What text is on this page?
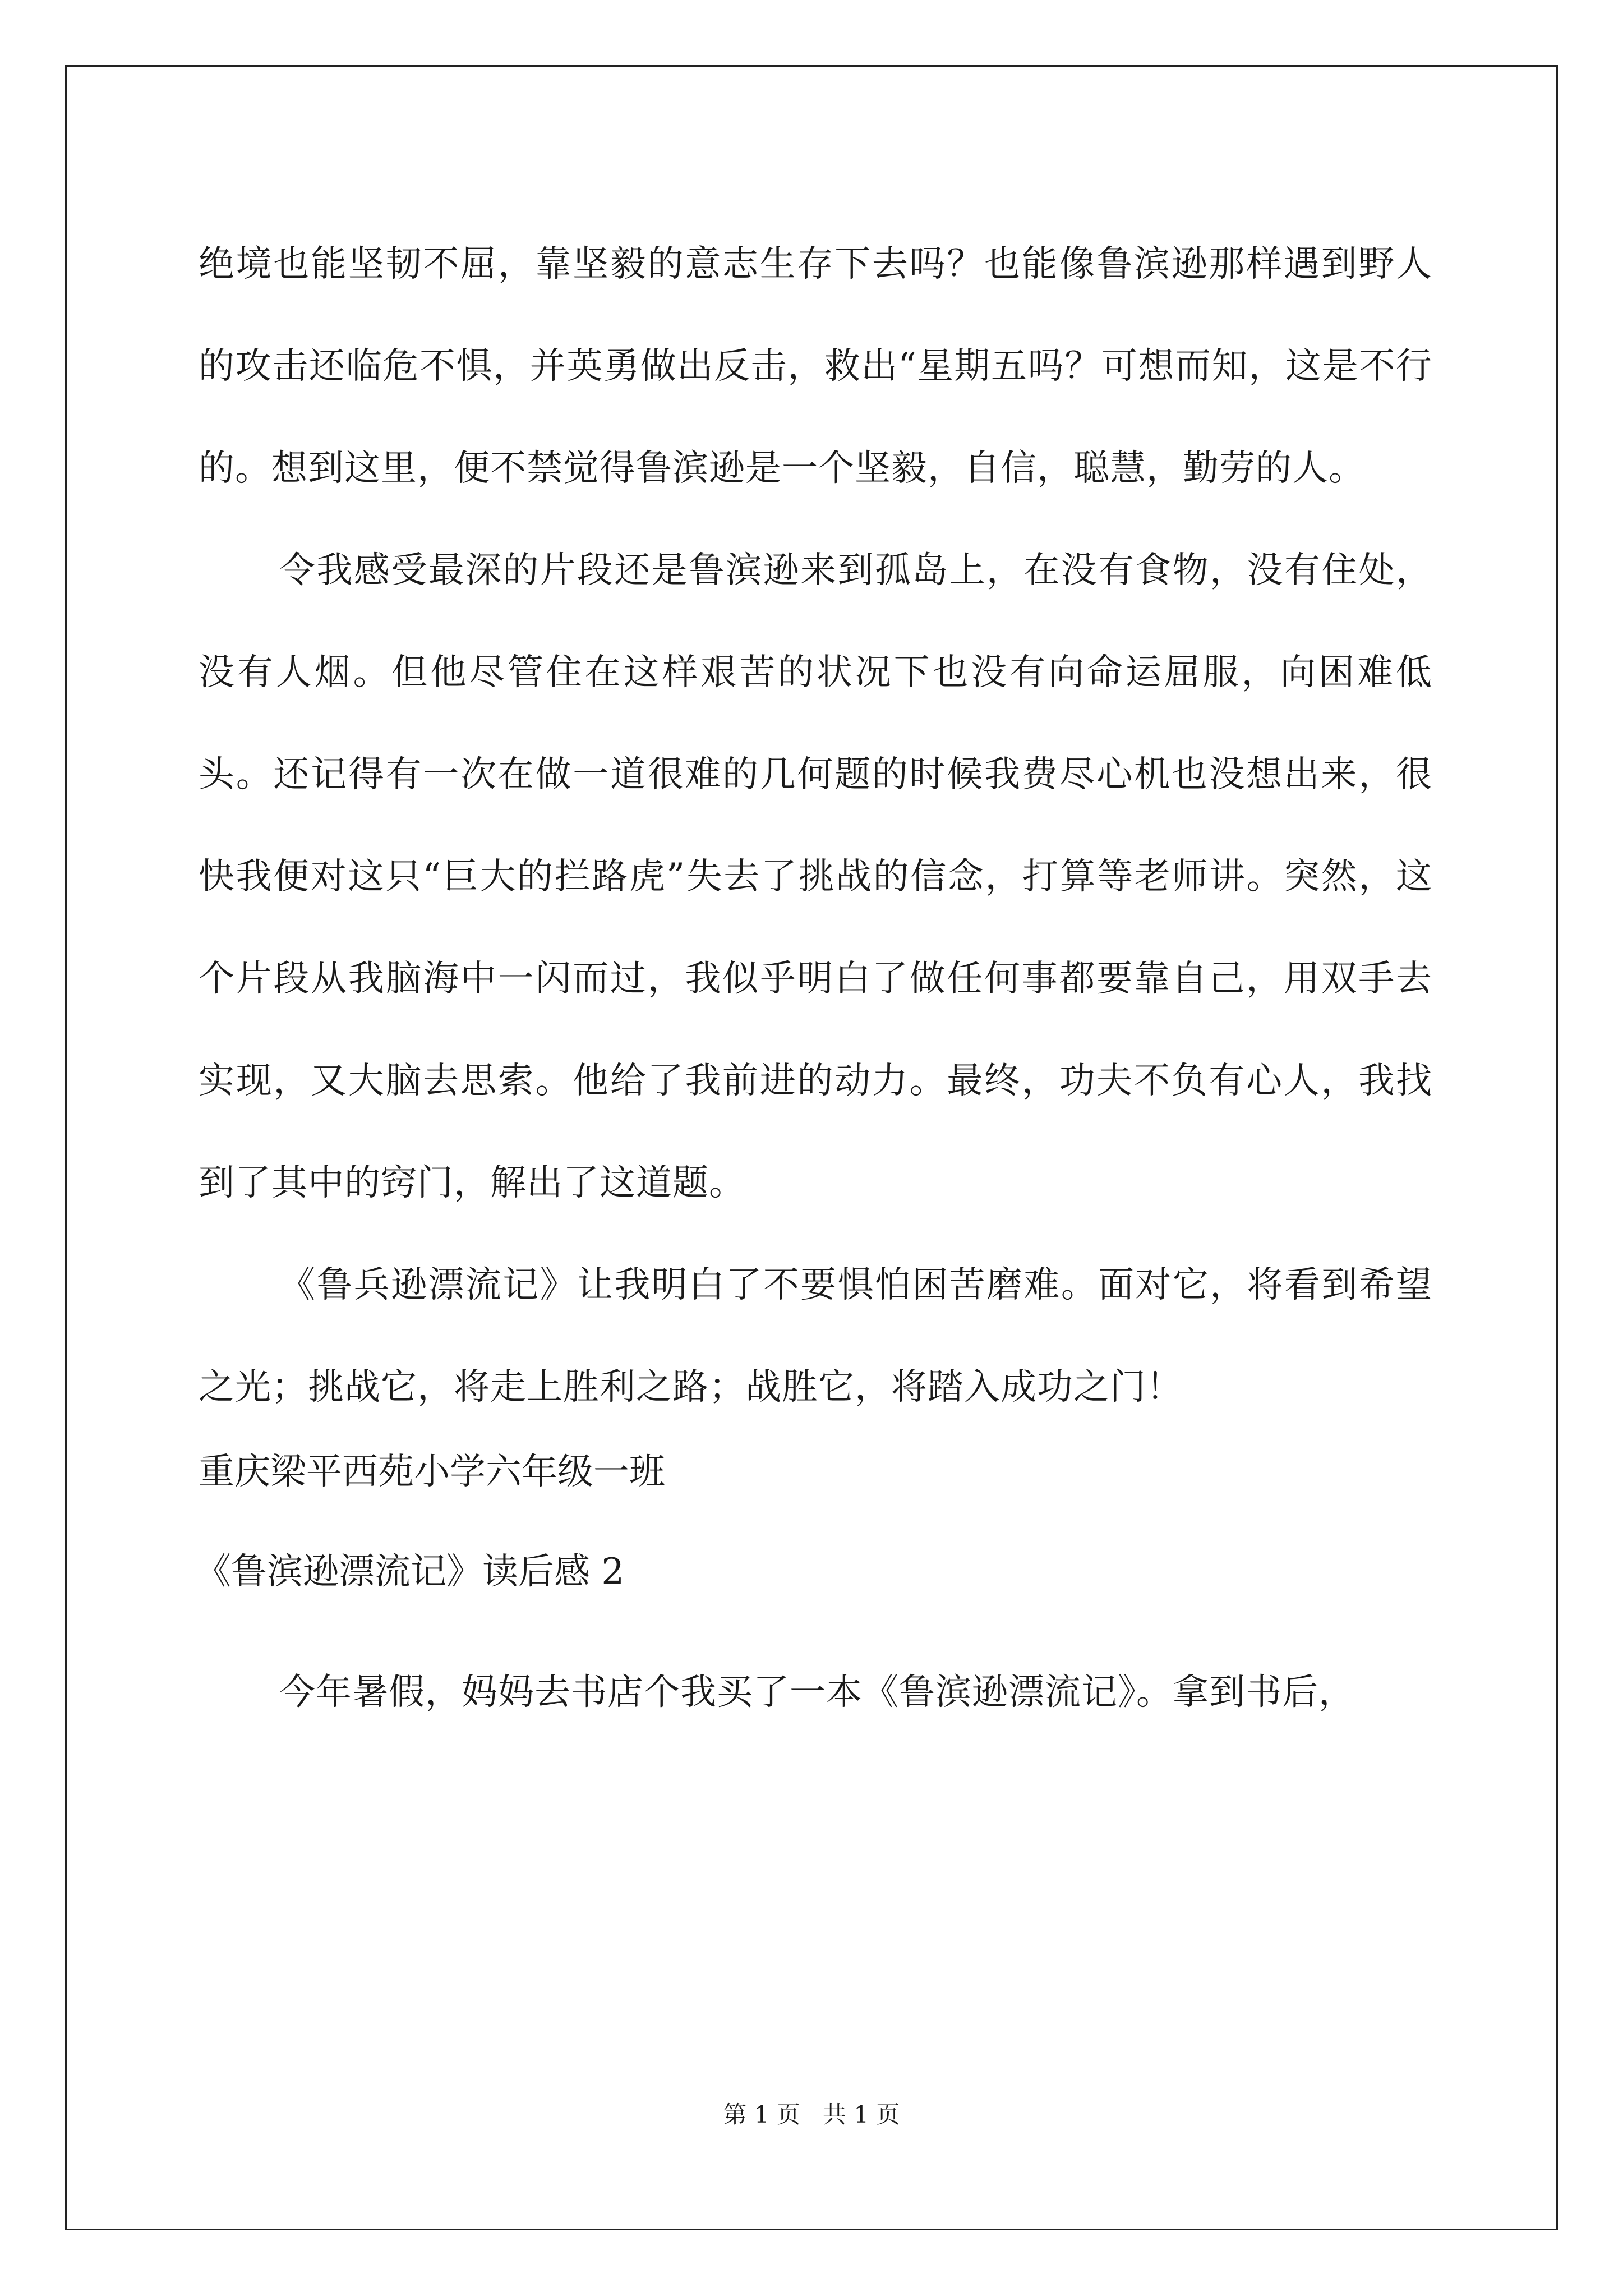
绝境也能坚韧不屈，靠坚毅的意志生存下去吗？也能像鲁滨逊那样遇到野人的攻击还临危不惧，并英勇做出反击，救出“星期五吗？可想而知，这是不行的。想到这里，便不禁觉得鲁滨逊是一个坚毅，自信，聪慧，勤劳的人。

令我感受最深的片段还是鲁滨逊来到孤岛上，在没有食物，没有住处，没有人烟。但他尽管住在这样艰苦的状况下也没有向命运屈服，向困难低头。还记得有一次在做一道很难的几何题的时候我费尽心机也没想出来，很快我便对这只“巨大的拦路虎”失去了挑战的信念，打算等老师讲。突然，这个片段从我脑海中一闪而过，我似乎明白了做任何事都要靠自己，用双手去实现，又大脑去思索。他给了我前进的动力。最终，功夫不负有心人，我找到了其中的窍门，解出了这道题。

《鲁兵逊漂流记》让我明白了不要惧怕困苦磨难。面对它，将看到希望之光；挑战它，将走上胜利之路；战胜它，将踏入成功之门！

重庆梁平西苑小学六年级一班

《鲁滨逊漂流记》读后感 2

今年暑假，妈妈去书店个我买了一本《鲁滨逊漂流记》。拿到书后，

第 1 页   共 1 页
